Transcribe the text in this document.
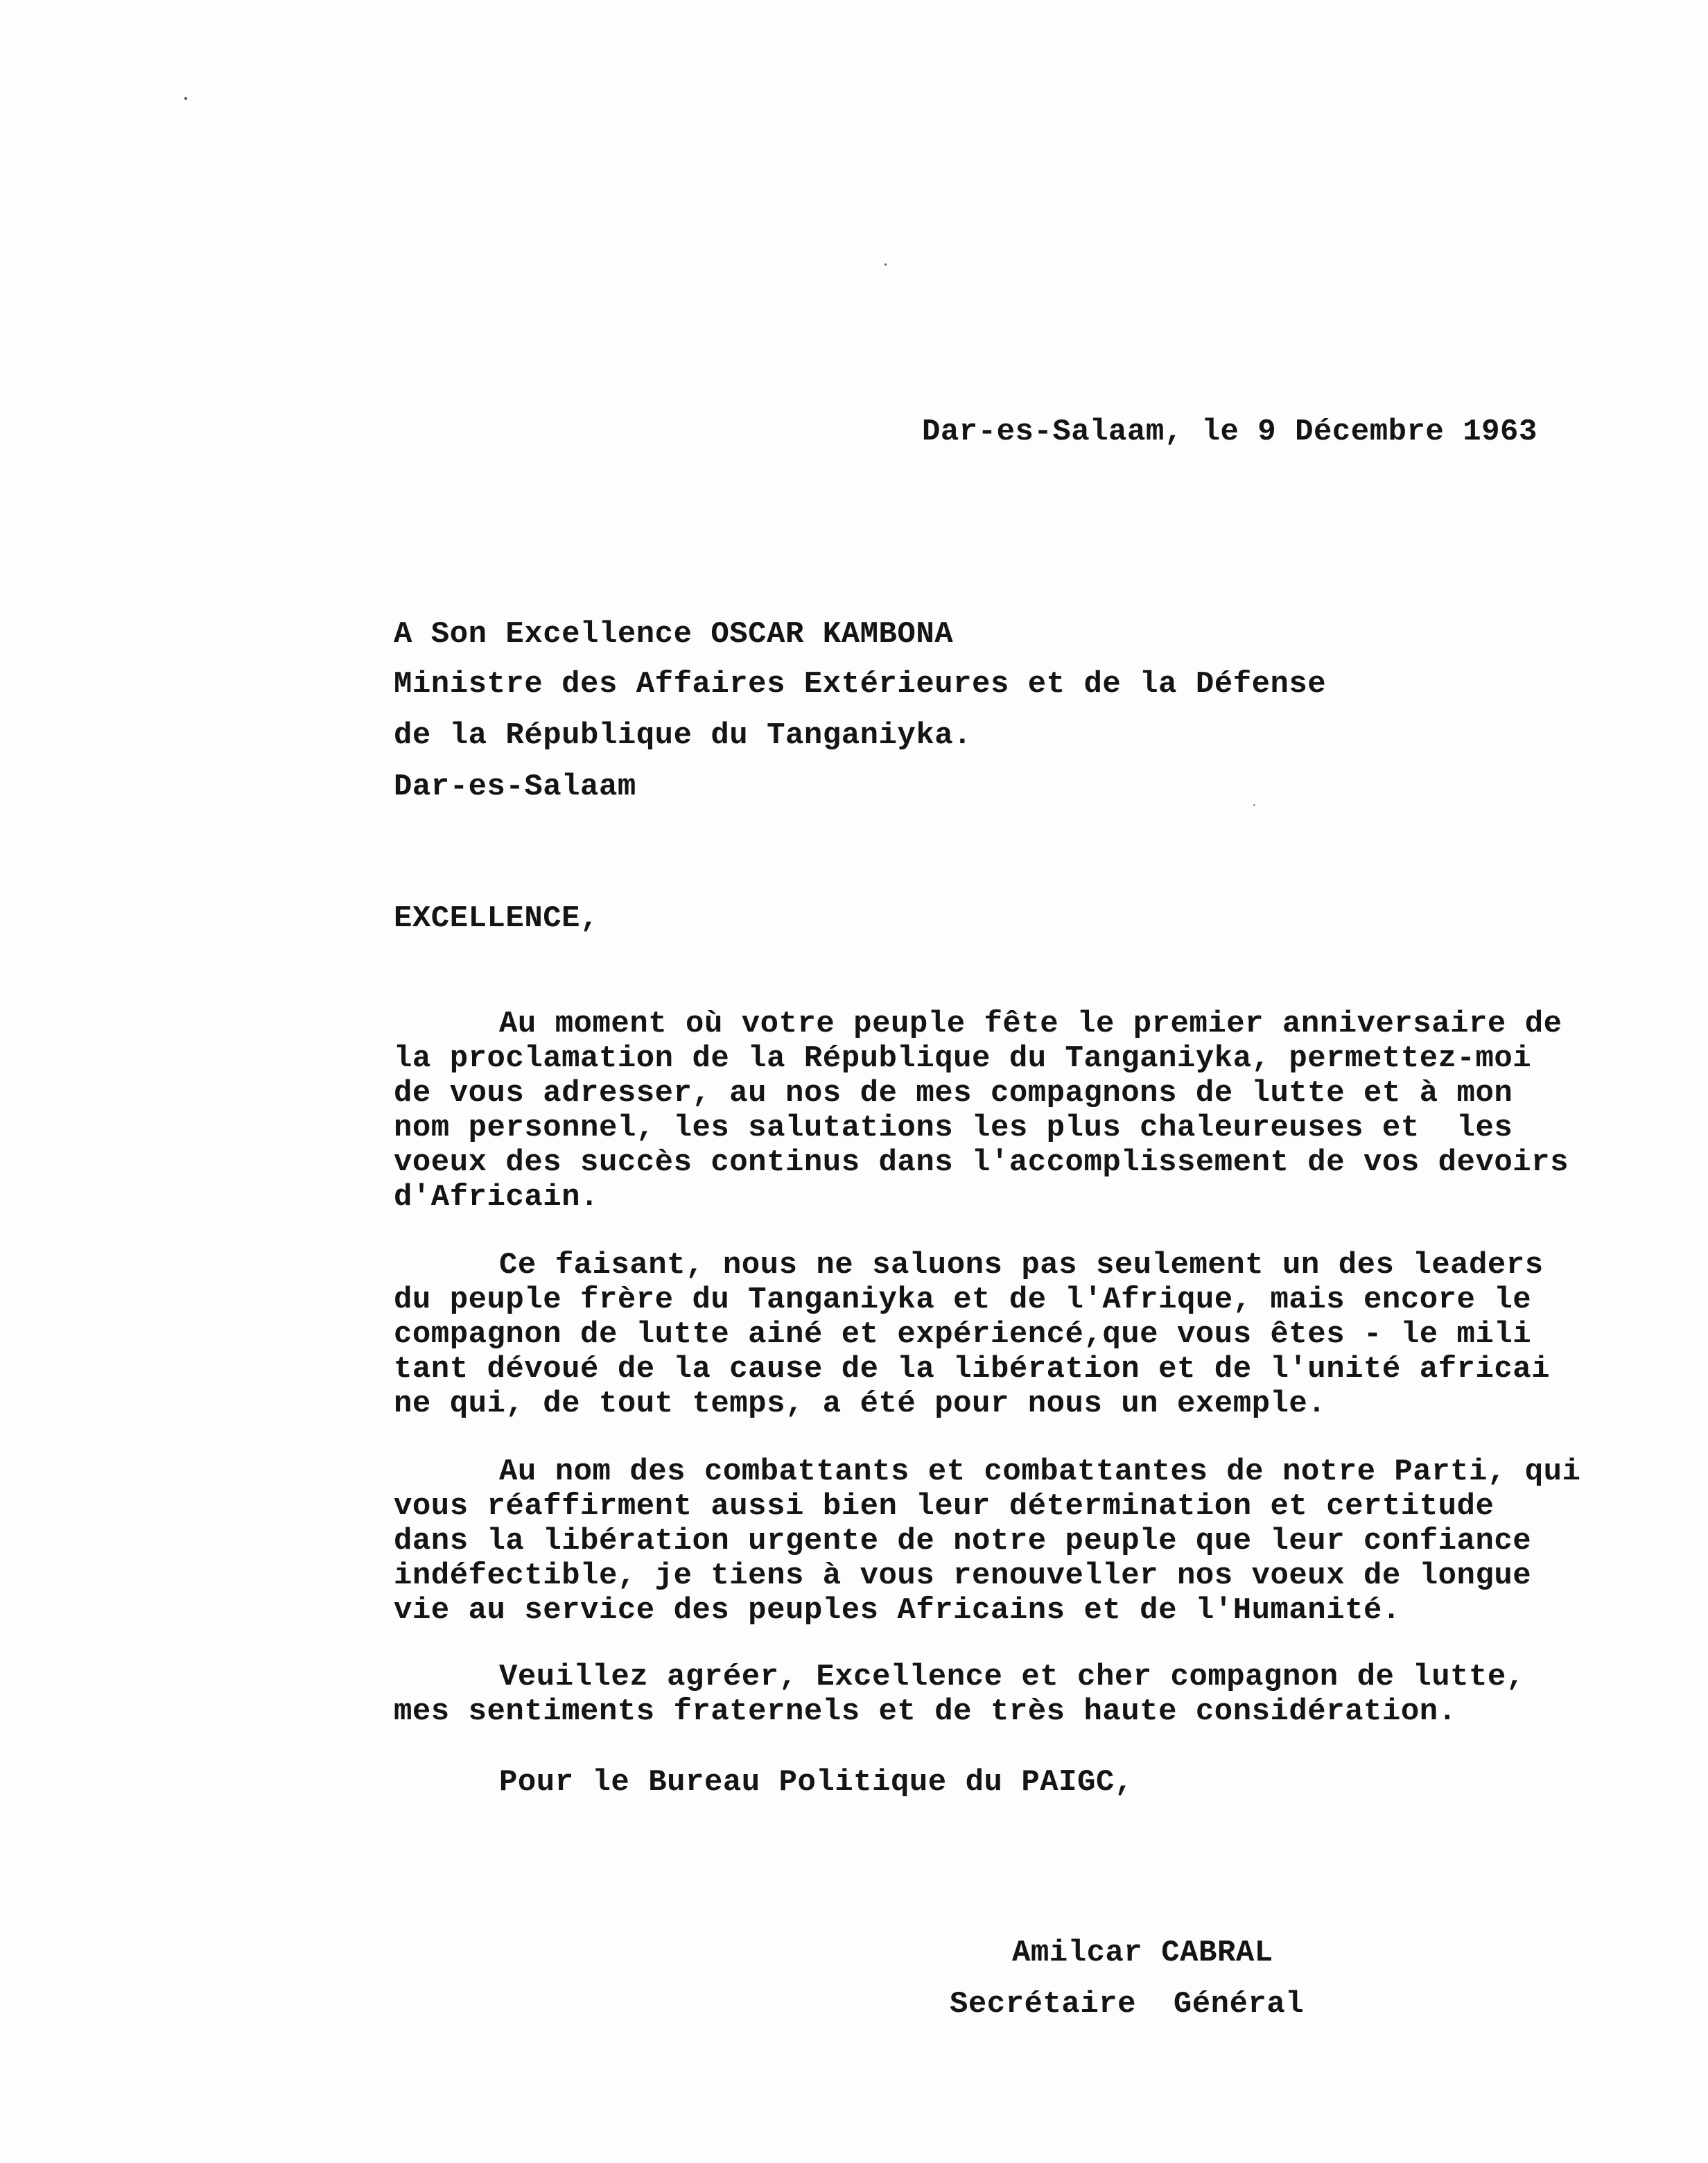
Dar-es-Salaam, le 9 Décembre 1963
A Son Excellence OSCAR KAMBONA
Ministre des Affaires Extérieures et de la Défense
de la République du Tanganiyka.
Dar-es-Salaam
EXCELLENCE,
Au moment où votre peuple fête le premier anniversaire de
la proclamation de la République du Tanganiyka, permettez-moi
de vous adresser, au nos de mes compagnons de lutte et à mon
nom personnel, les salutations les plus chaleureuses et  les
voeux des succès continus dans l'accomplissement de vos devoirs
d'Africain.
Ce faisant, nous ne saluons pas seulement un des leaders
du peuple frère du Tanganiyka et de l'Afrique, mais encore le
compagnon de lutte ainé et expériencé,que vous êtes - le mili
tant dévoué de la cause de la libération et de l'unité africai
ne qui, de tout temps, a été pour nous un exemple.
Au nom des combattants et combattantes de notre Parti, qui
vous réaffirment aussi bien leur détermination et certitude
dans la libération urgente de notre peuple que leur confiance
indéfectible, je tiens à vous renouveller nos voeux de longue
vie au service des peuples Africains et de l'Humanité.
Veuillez agréer, Excellence et cher compagnon de lutte,
mes sentiments fraternels et de très haute considération.
Pour le Bureau Politique du PAIGC,
Amilcar CABRAL
Secrétaire  Général
